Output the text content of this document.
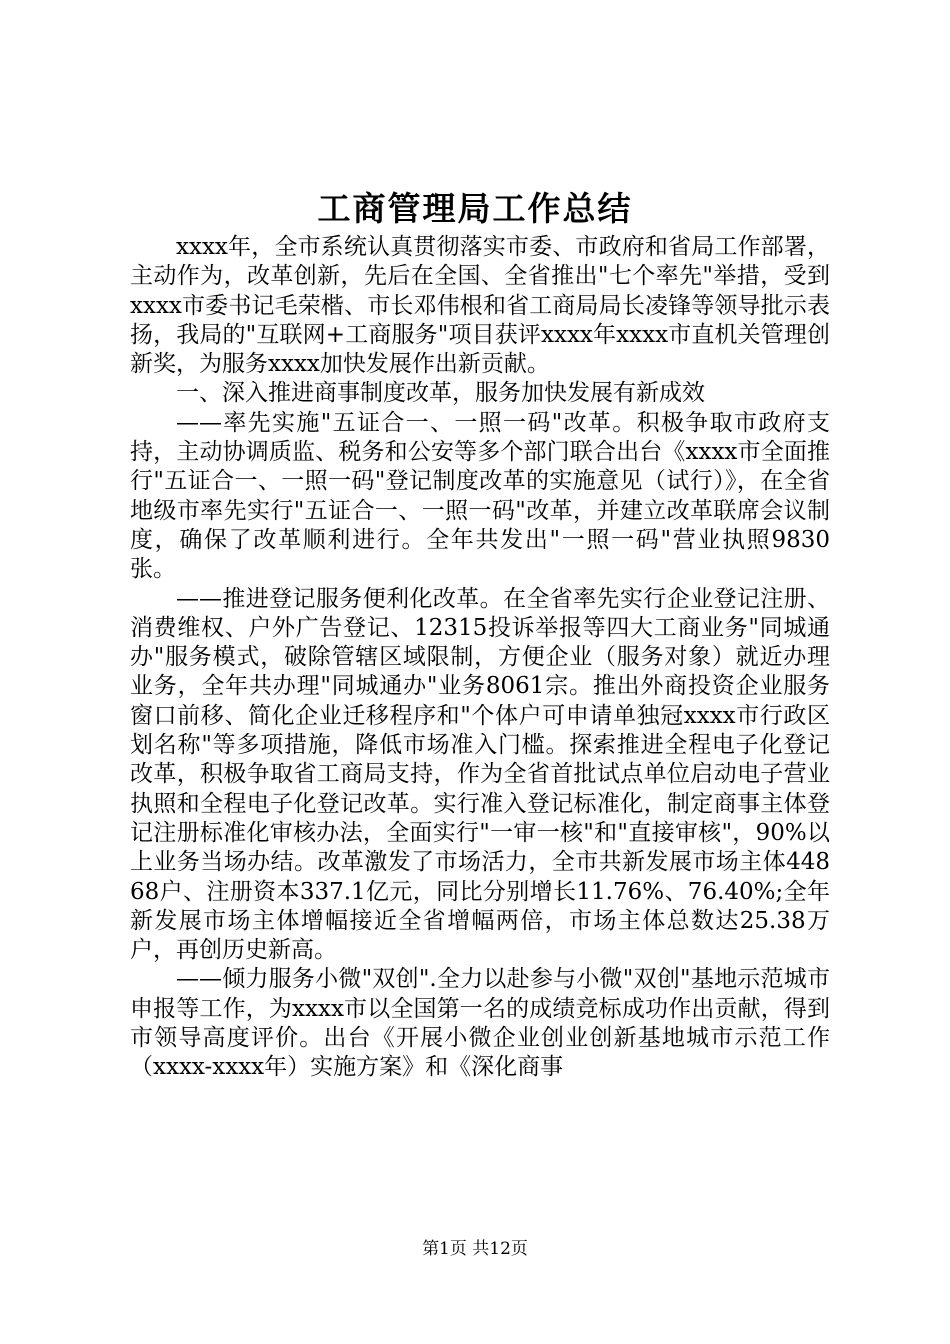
工商管理局工作总结

xxxx年，全市系统认真贯彻落实市委、市政府和省局工作部署，主动作为，改革创新，先后在全国、全省推出"七个率先"举措，受到xxxx市委书记毛荣楷、市长邓伟根和省工商局局长凌锋等领导批示表扬，我局的"互联网+工商服务"项目获评xxxx年xxxx市直机关管理创新奖，为服务xxxx加快发展作出新贡献。

一、深入推进商事制度改革，服务加快发展有新成效

——率先实施"五证合一、一照一码"改革。积极争取市政府支持，主动协调质监、税务和公安等多个部门联合出台《xxxx市全面推行"五证合一、一照一码"登记制度改革的实施意见（试行）》，在全省地级市率先实行"五证合一、一照一码"改革，并建立改革联席会议制度，确保了改革顺利进行。全年共发出"一照一码"营业执照9830张。

——推进登记服务便利化改革。在全省率先实行企业登记注册、消费维权、户外广告登记、12315投诉举报等四大工商业务"同城通办"服务模式，破除管辖区域限制，方便企业（服务对象）就近办理业务，全年共办理"同城通办"业务8061宗。推出外商投资企业服务窗口前移、简化企业迁移程序和"个体户可申请单独冠xxxx市行政区划名称"等多项措施，降低市场准入门槛。探索推进全程电子化登记改革，积极争取省工商局支持，作为全省首批试点单位启动电子营业执照和全程电子化登记改革。实行准入登记标准化，制定商事主体登记注册标准化审核办法，全面实行"一审一核"和"直接审核"，90%以上业务当场办结。改革激发了市场活力，全市共新发展市场主体44868户、注册资本337.1亿元，同比分别增长11.76%、76.40%;全年新发展市场主体增幅接近全省增幅两倍，市场主体总数达25.38万户，再创历史新高。

——倾力服务小微"双创".全力以赴参与小微"双创"基地示范城市申报等工作，为xxxx市以全国第一名的成绩竞标成功作出贡献，得到市领导高度评价。出台《开展小微企业创业创新基地城市示范工作（xxxx-xxxx年）实施方案》和《深化商事

第1页 共12页
